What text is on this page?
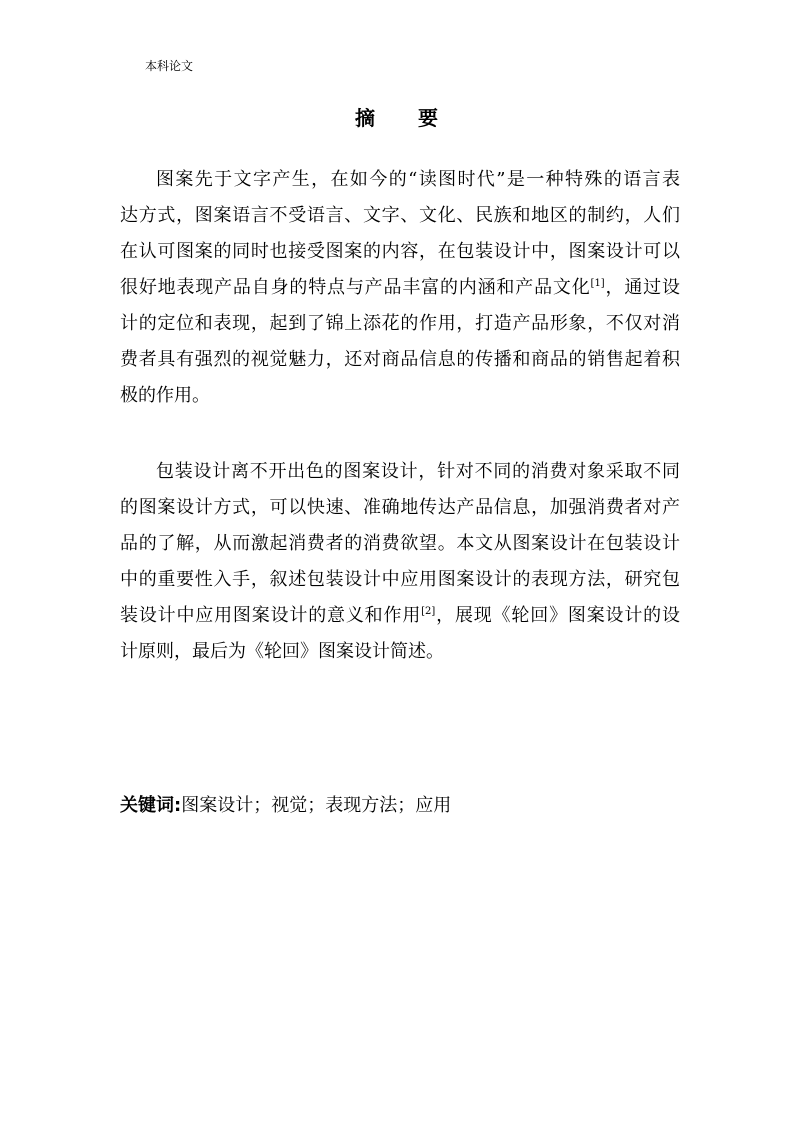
本科论文
摘 要
图案先于文字产生，在如今的“读图时代”是一种特殊的语言表
达方式，图案语言不受语言、文字、文化、民族和地区的制约，人们
在认可图案的同时也接受图案的内容，在包装设计中，图案设计可以
很好地表现产品自身的特点与产品丰富的内涵和产品文化[1]，通过设
计的定位和表现，起到了锦上添花的作用，打造产品形象，不仅对消
费者具有强烈的视觉魅力，还对商品信息的传播和商品的销售起着积
极的作用。
包装设计离不开出色的图案设计，针对不同的消费对象采取不同
的图案设计方式，可以快速、准确地传达产品信息，加强消费者对产
品的了解，从而激起消费者的消费欲望。本文从图案设计在包装设计
中的重要性入手，叙述包装设计中应用图案设计的表现方法，研究包
装设计中应用图案设计的意义和作用[2]，展现《轮回》图案设计的设
计原则，最后为《轮回》图案设计简述。
关键词:图案设计；视觉；表现方法；应用
